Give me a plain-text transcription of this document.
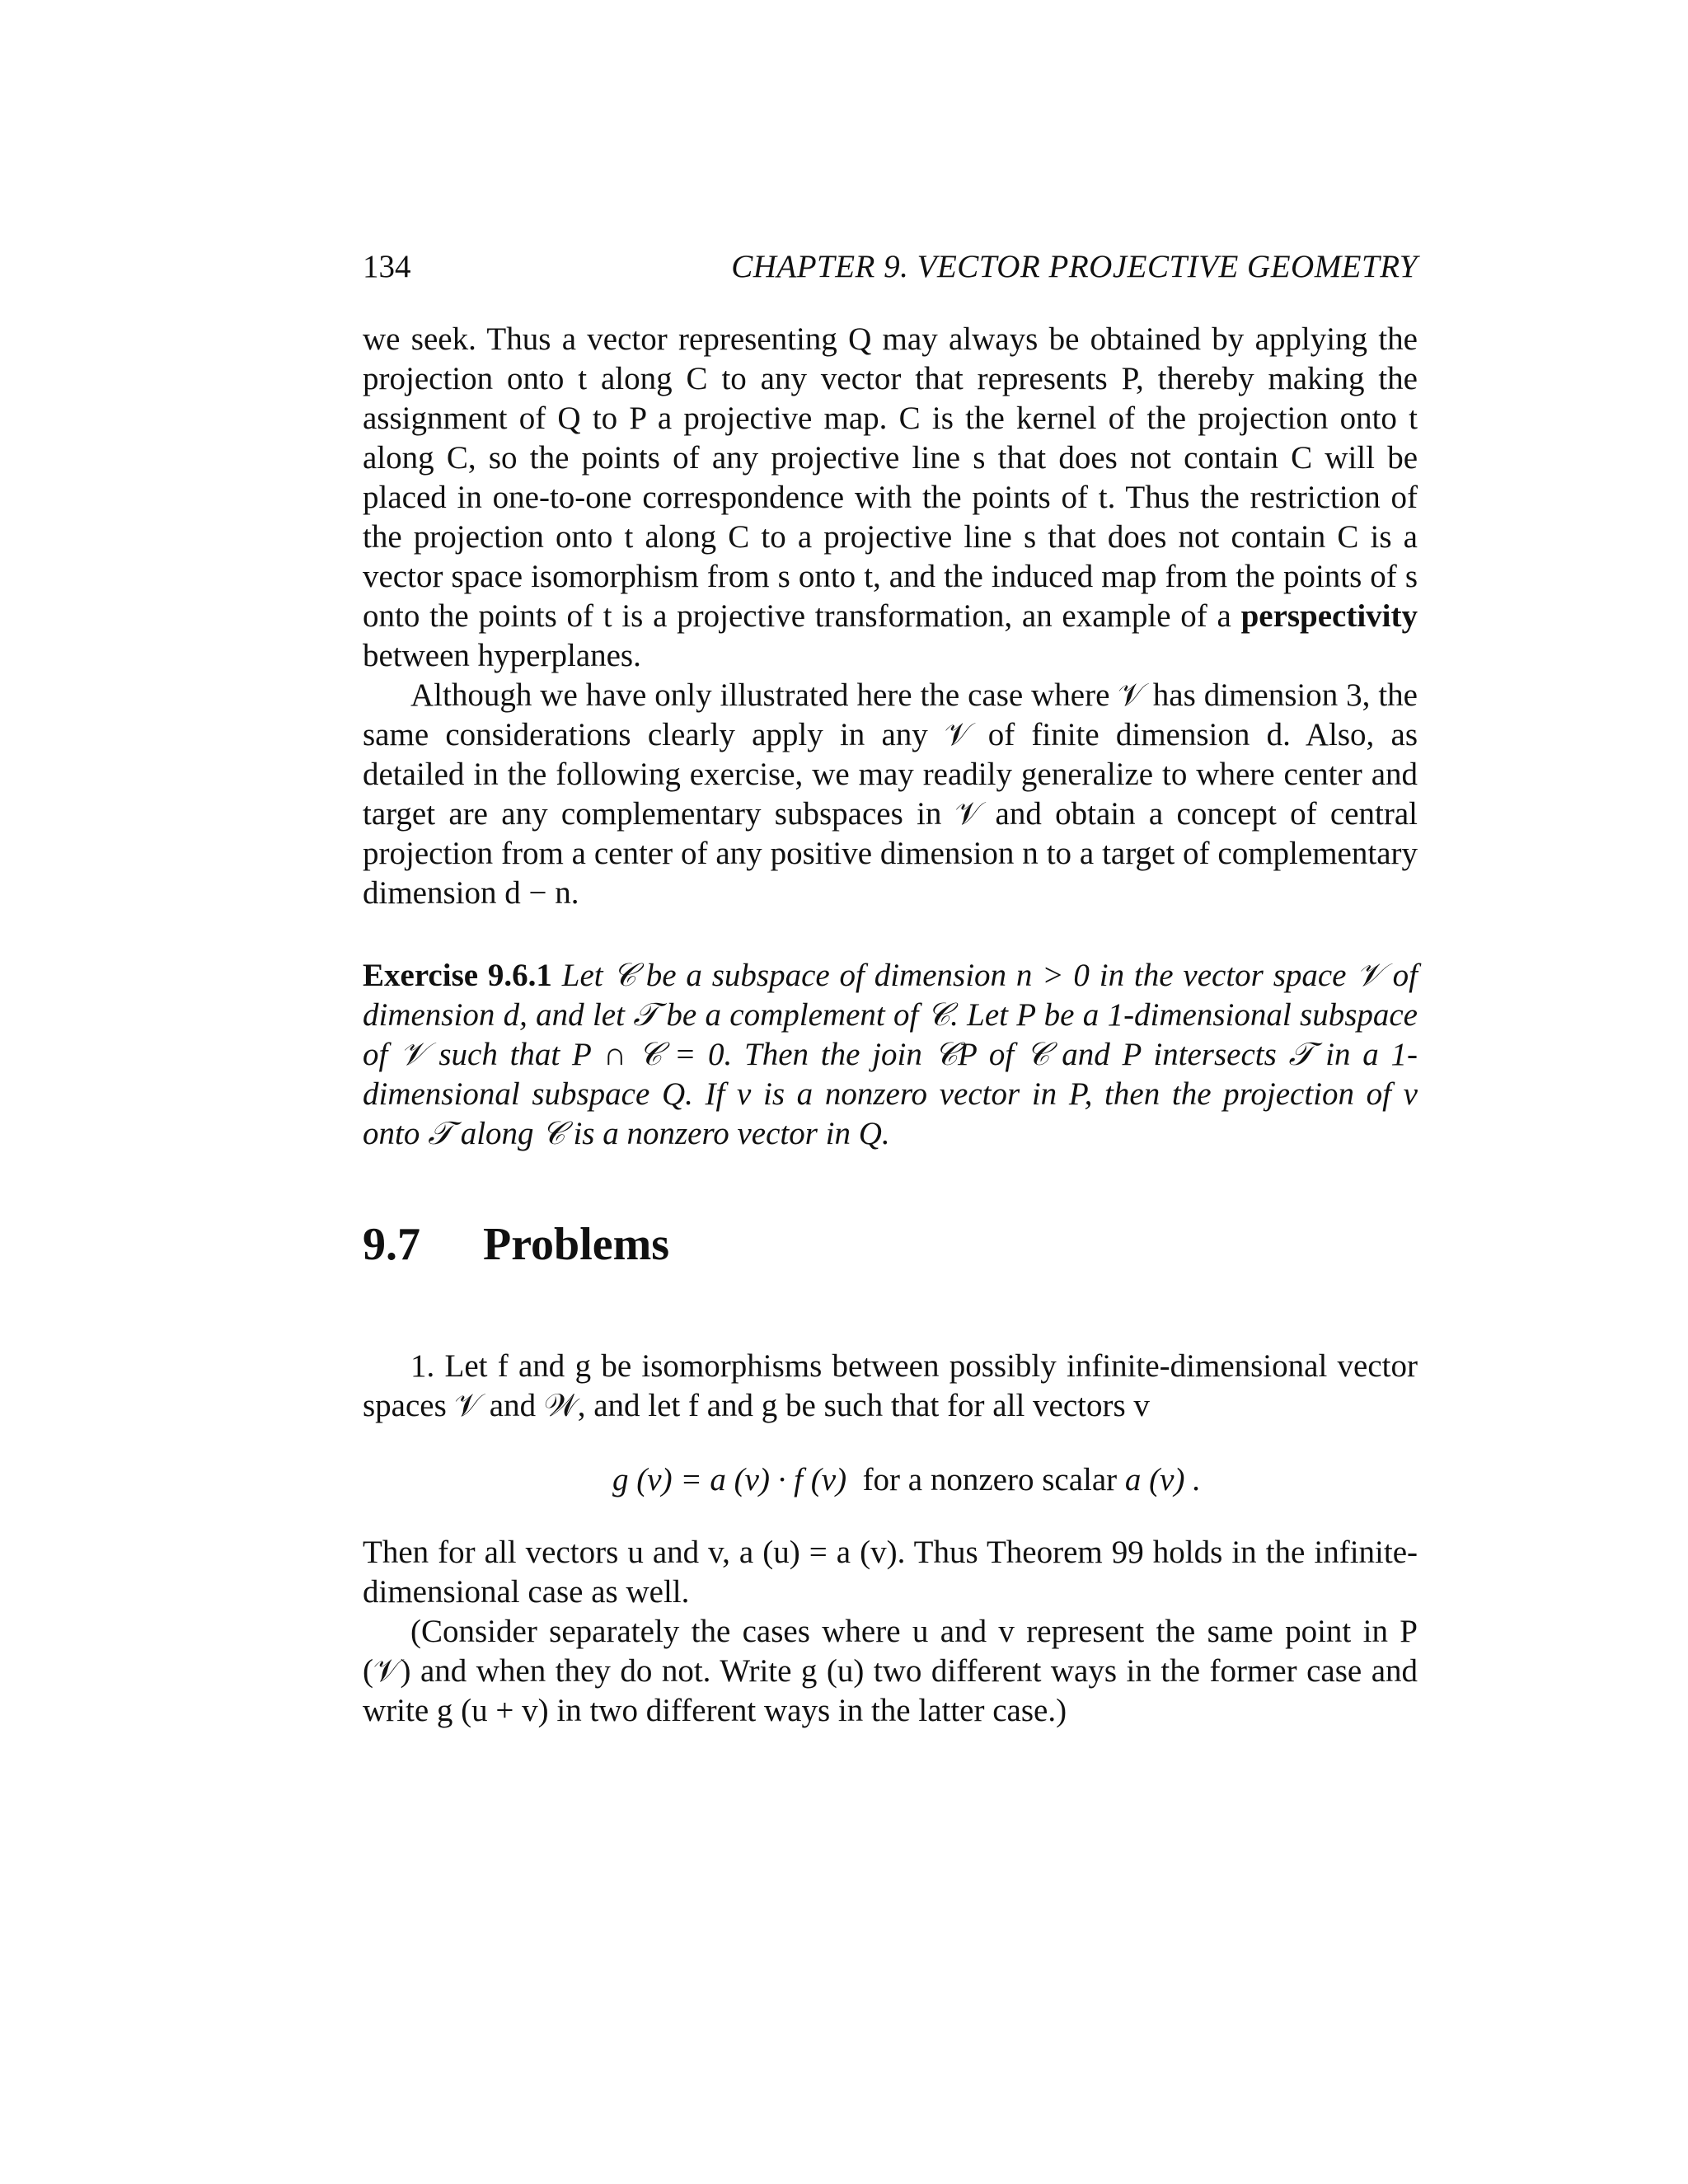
134	CHAPTER 9. VECTOR PROJECTIVE GEOMETRY

we seek. Thus a vector representing Q may always be obtained by applying the projection onto t along C to any vector that represents P, thereby making the assignment of Q to P a projective map. C is the kernel of the projection onto t along C, so the points of any projective line s that does not contain C will be placed in one-to-one correspondence with the points of t. Thus the restriction of the projection onto t along C to a projective line s that does not contain C is a vector space isomorphism from s onto t, and the induced map from the points of s onto the points of t is a projective transformation, an example of a perspectivity between hyperplanes.

Although we have only illustrated here the case where 𝒱 has dimension 3, the same considerations clearly apply in any 𝒱 of finite dimension d. Also, as detailed in the following exercise, we may readily generalize to where center and target are any complementary subspaces in 𝒱 and obtain a concept of central projection from a center of any positive dimension n to a target of complementary dimension d − n.

Exercise 9.6.1 Let 𝒞 be a subspace of dimension n > 0 in the vector space 𝒱 of dimension d, and let 𝒯 be a complement of 𝒞. Let P be a 1-dimensional subspace of 𝒱 such that P ∩ 𝒞 = 0. Then the join 𝒞P of 𝒞 and P intersects 𝒯 in a 1-dimensional subspace Q. If v is a nonzero vector in P, then the projection of v onto 𝒯 along 𝒞 is a nonzero vector in Q.

9.7 Problems

1. Let f and g be isomorphisms between possibly infinite-dimensional vector spaces 𝒱 and 𝒲, and let f and g be such that for all vectors v

g (v) = a (v) · f (v) for a nonzero scalar a (v) .

Then for all vectors u and v, a (u) = a (v). Thus Theorem 99 holds in the infinite-dimensional case as well.

(Consider separately the cases where u and v represent the same point in P (𝒱) and when they do not. Write g (u) two different ways in the former case and write g (u + v) in two different ways in the latter case.)
